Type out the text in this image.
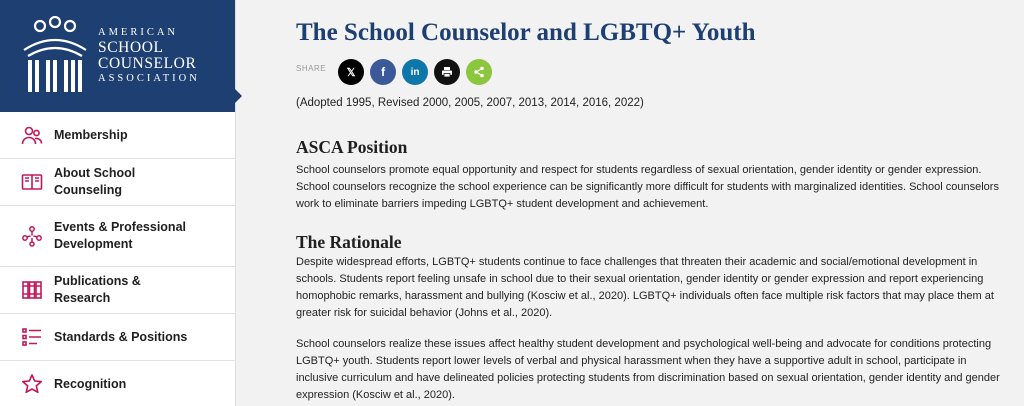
AMERICAN
SCHOOL
COUNSELOR
ASSOCIATION
Membership
About School Counseling
Events & Professional Development
Publications & Research
Standards & Positions
Recognition
The School Counselor and LGBTQ+ Youth
SHARE 𝕏 f	in

(Adopted 1995, Revised 2000, 2005, 2007, 2013, 2014, 2016, 2022)

ASCA Position

School counselors promote equal opportunity and respect for students regardless of sexual orientation, gender identity or gender expression. School counselors recognize the school experience can be significantly more difficult for students with marginalized identities. School counselors work to eliminate barriers impeding LGBTQ+ student development and achievement.

The Rationale

Despite widespread efforts, LGBTQ+ students continue to face challenges that threaten their academic and social/emotional development in schools. Students report feeling unsafe in school due to their sexual orientation, gender identity or gender expression and report experiencing homophobic remarks, harassment and bullying (Kosciw et al., 2020). LGBTQ+ individuals often face multiple risk factors that may place them at greater risk for suicidal behavior (Johns et al., 2020).

School counselors realize these issues affect healthy student development and psychological well-being and advocate for conditions protecting LGBTQ+ youth. Students report lower levels of verbal and physical harassment when they have a supportive adult in school, participate in inclusive curriculum and have delineated policies protecting students from discrimination based on sexual orientation, gender identity and gender expression (Kosciw et al., 2020).
